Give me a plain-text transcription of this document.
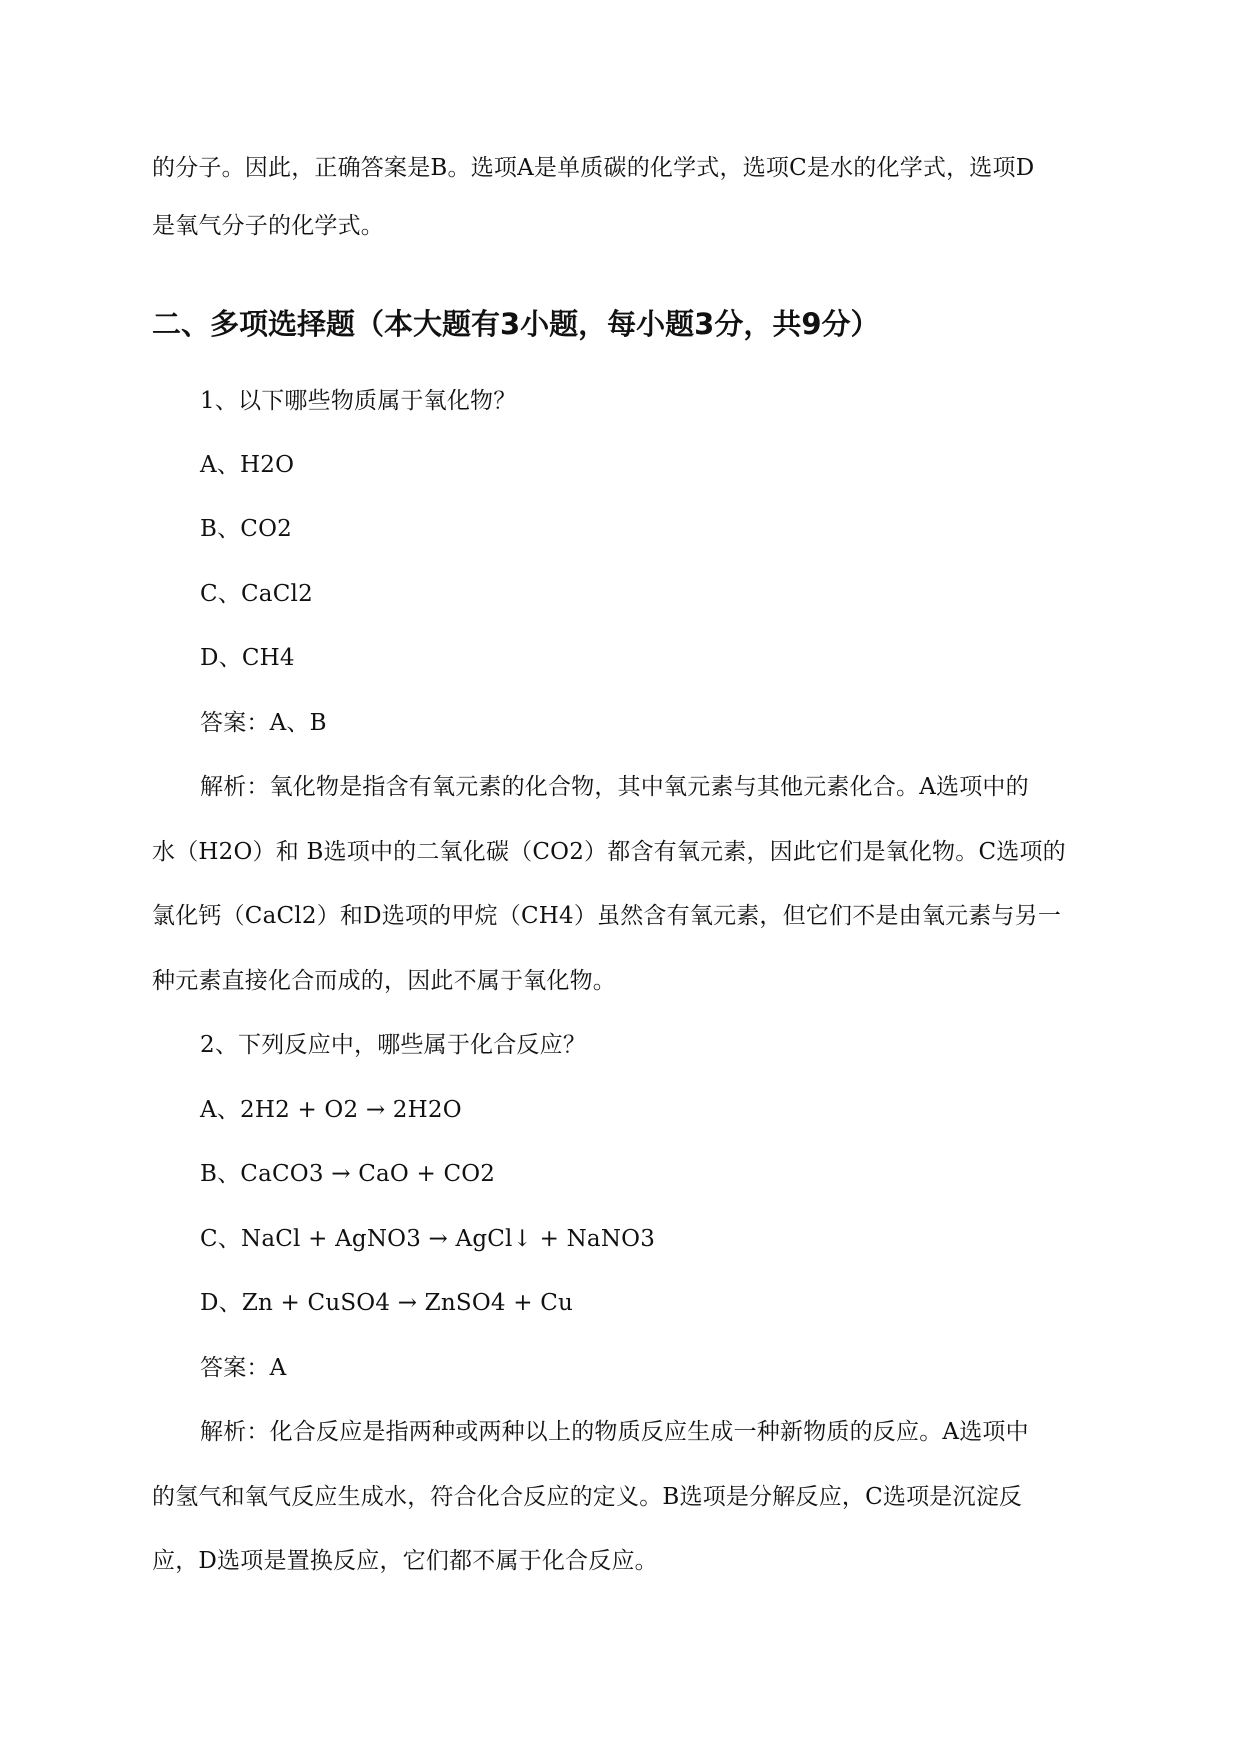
的分子。因此，正确答案是B。选项A是单质碳的化学式，选项C是水的化学式，选项D
是氧气分子的化学式。
二、多项选择题（本大题有3小题，每小题3分，共9分）
1、以下哪些物质属于氧化物？
A、H2O
B、CO2
C、CaCl2
D、CH4
答案：A、B
解析：氧化物是指含有氧元素的化合物，其中氧元素与其他元素化合。A选项中的
水（H2O）和 B选项中的二氧化碳（CO2）都含有氧元素，因此它们是氧化物。C选项的
氯化钙（CaCl2）和D选项的甲烷（CH4）虽然含有氧元素，但它们不是由氧元素与另一
种元素直接化合而成的，因此不属于氧化物。
2、下列反应中，哪些属于化合反应？
A、2H2 + O2 → 2H2O
B、CaCO3 → CaO + CO2
C、NaCl + AgNO3 → AgCl↓ + NaNO3
D、Zn + CuSO4 → ZnSO4 + Cu
答案：A
解析：化合反应是指两种或两种以上的物质反应生成一种新物质的反应。A选项中
的氢气和氧气反应生成水，符合化合反应的定义。B选项是分解反应，C选项是沉淀反
应，D选项是置换反应，它们都不属于化合反应。
